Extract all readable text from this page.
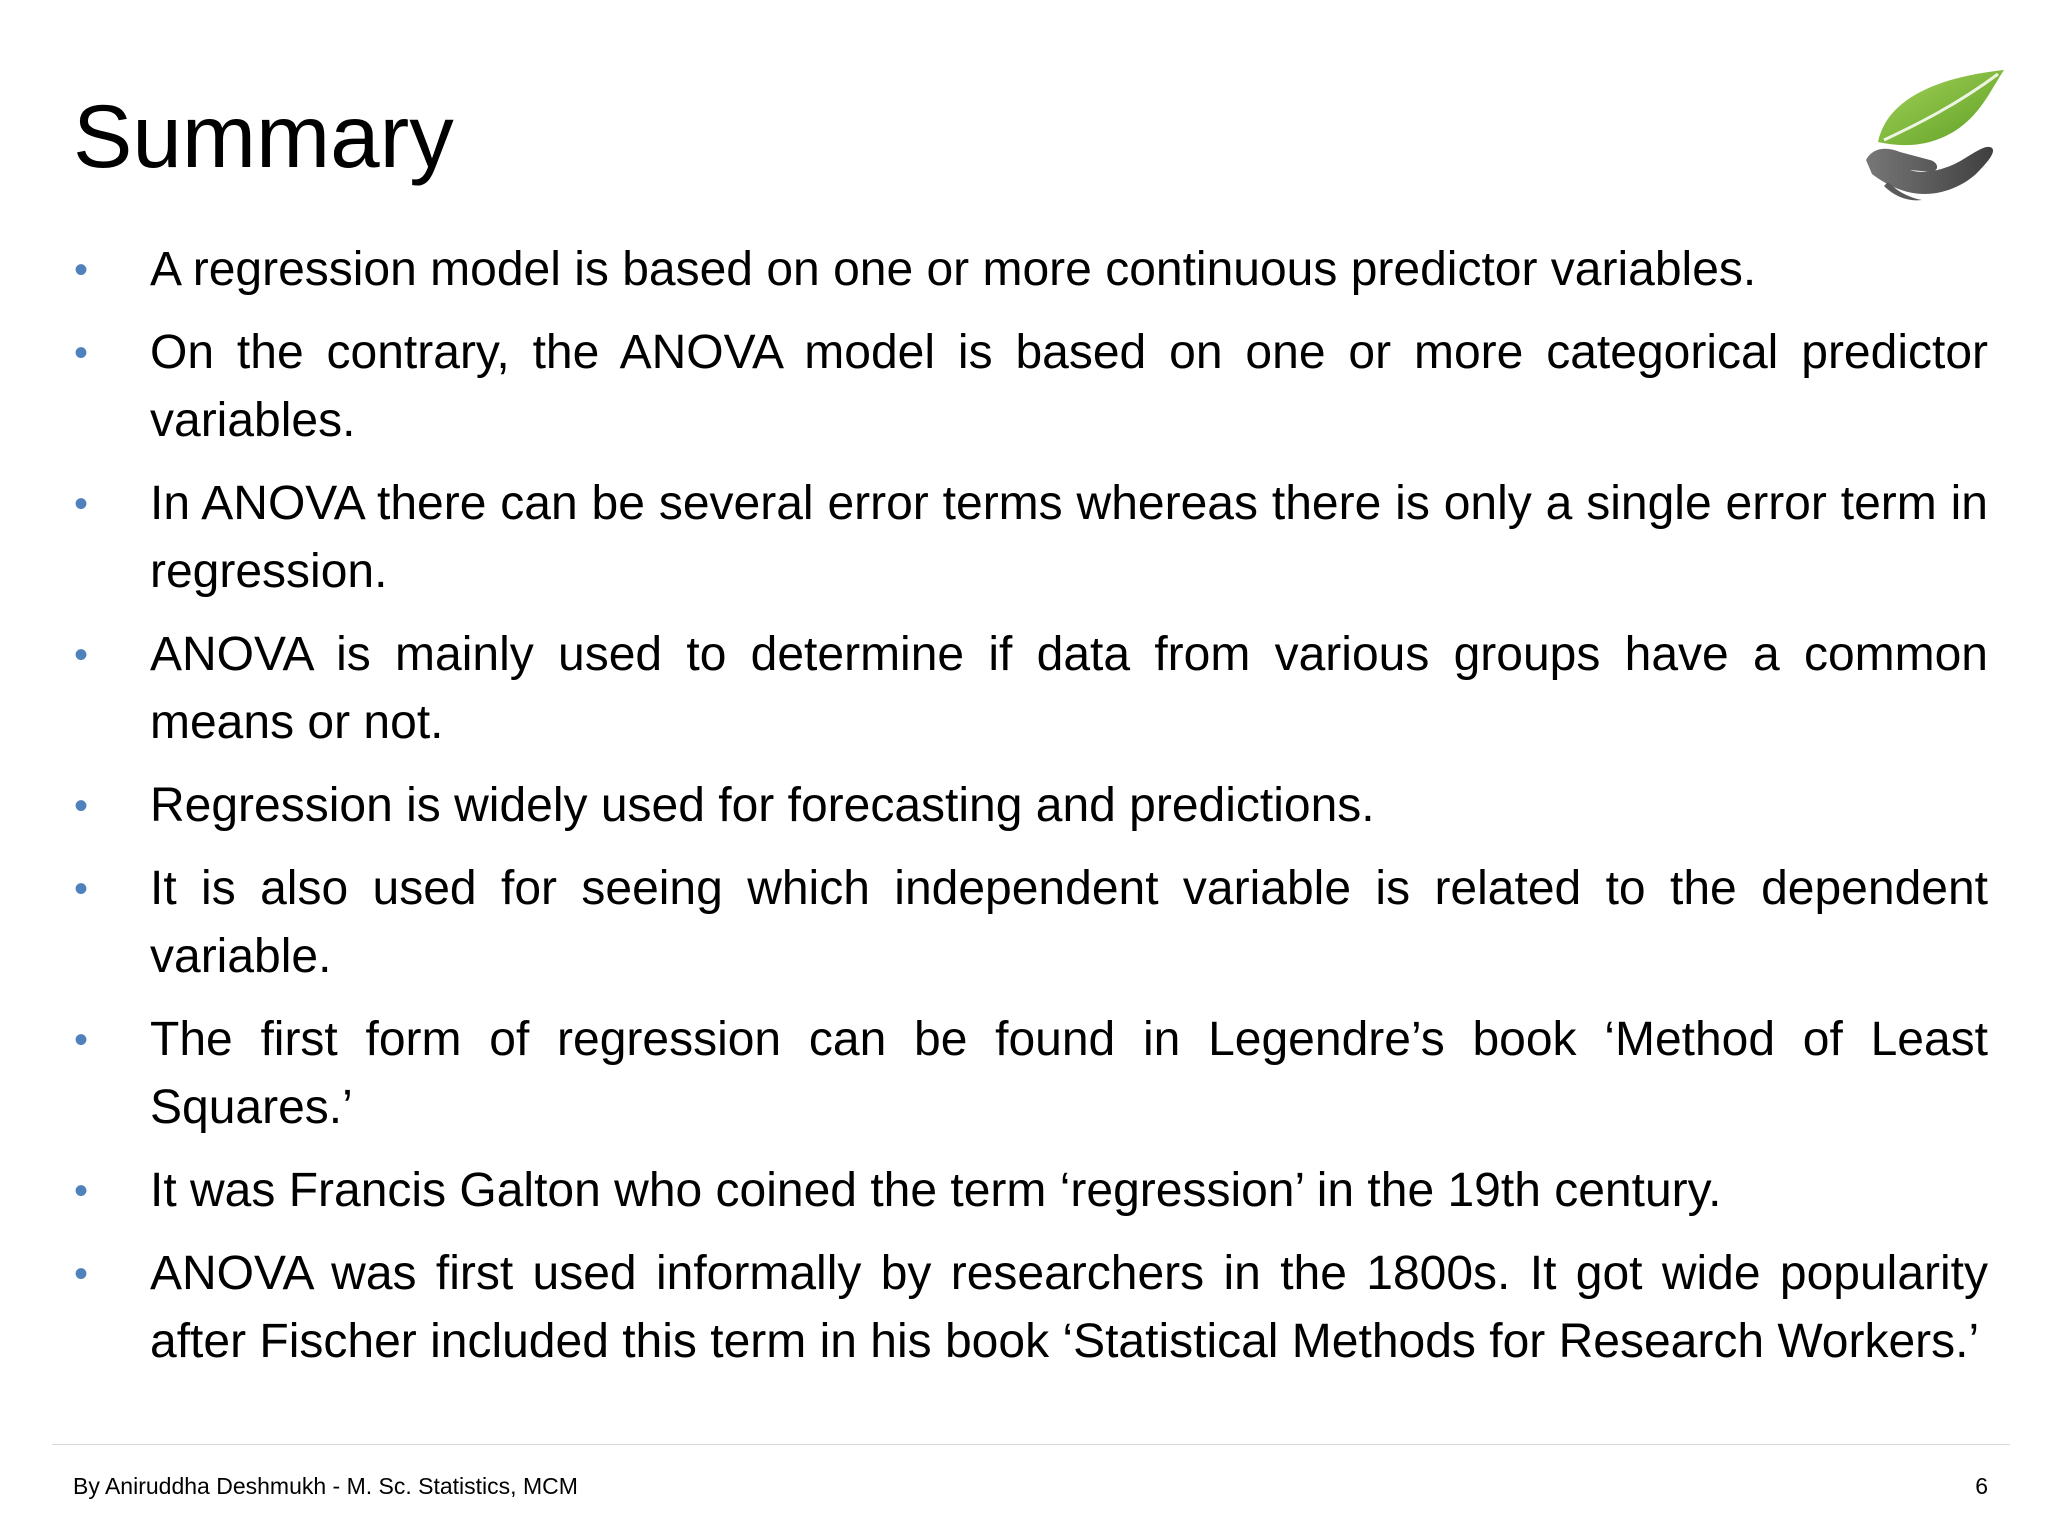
Summary
• A regression model is based on one or more continuous predictor variables.
• On the contrary, the ANOVA model is based on one or more categorical predictor variables.
• In ANOVA there can be several error terms whereas there is only a single error term in regression.
• ANOVA is mainly used to determine if data from various groups have a common means or not.
• Regression is widely used for forecasting and predictions.
• It is also used for seeing which independent variable is related to the dependent variable.
• The first form of regression can be found in Legendre’s book ‘Method of Least Squares.’
• It was Francis Galton who coined the term ‘regression’ in the 19th century.
• ANOVA was first used informally by researchers in the 1800s. It got wide popularity after Fischer included this term in his book ‘Statistical Methods for Research Workers.’
By Aniruddha Deshmukh - M. Sc. Statistics, MCM	6
